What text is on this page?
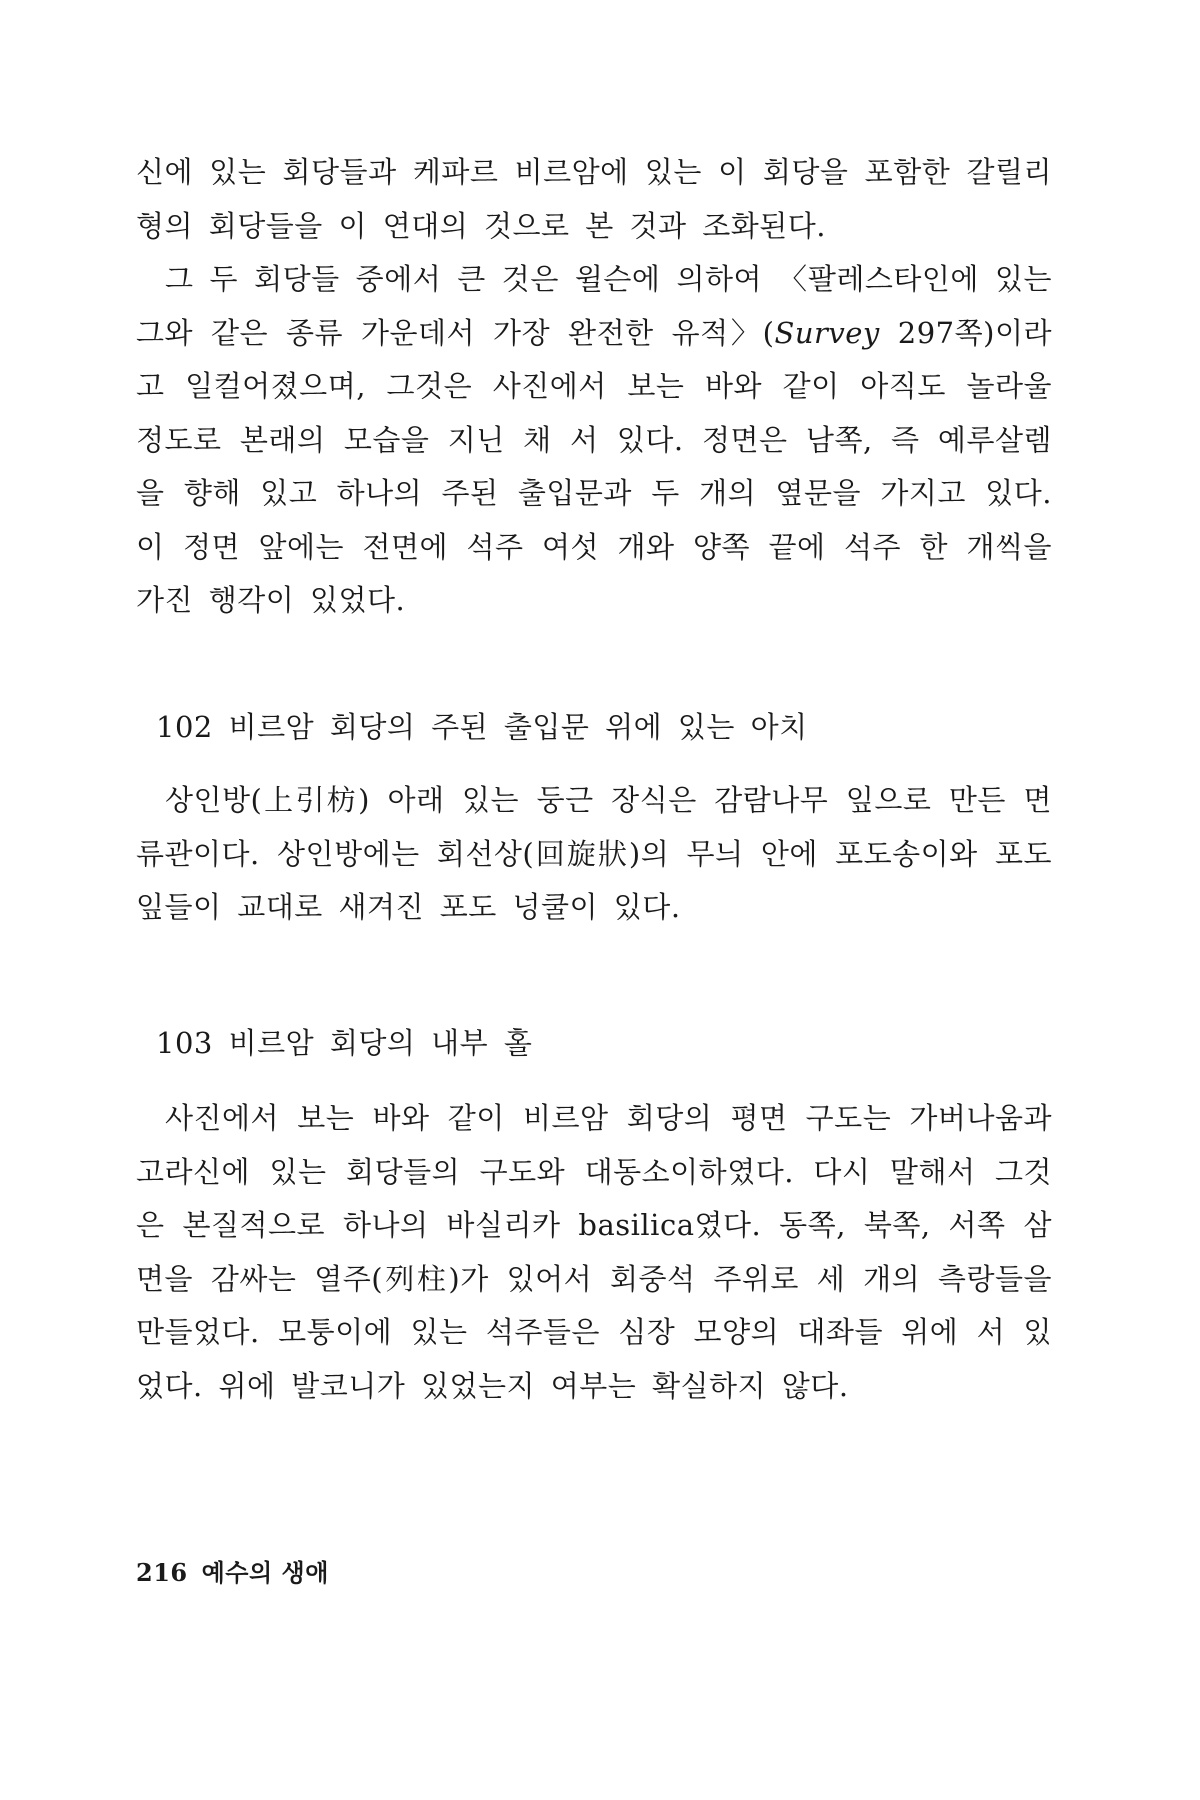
신에 있는 회당들과 케파르 비르암에 있는 이 회당을 포함한 갈릴리 형의 회당들을 이 연대의 것으로 본 것과 조화된다.

그 두 회당들 중에서 큰 것은 윌슨에 의하여 〈팔레스타인에 있는 그와 같은 종류 가운데서 가장 완전한 유적〉(Survey 297쪽)이라고 일컬어졌으며, 그것은 사진에서 보는 바와 같이 아직도 놀라울 정도로 본래의 모습을 지닌 채 서 있다. 정면은 남쪽, 즉 예루살렘을 향해 있고 하나의 주된 출입문과 두 개의 옆문을 가지고 있다. 이 정면 앞에는 전면에 석주 여섯 개와 양쪽 끝에 석주 한 개씩을 가진 행각이 있었다.

102 비르암 회당의 주된 출입문 위에 있는 아치

상인방(上引枋) 아래 있는 둥근 장식은 감람나무 잎으로 만든 면류관이다. 상인방에는 회선상(回旋狀)의 무늬 안에 포도송이와 포도잎들이 교대로 새겨진 포도 넝쿨이 있다.

103 비르암 회당의 내부 홀

사진에서 보는 바와 같이 비르암 회당의 평면 구도는 가버나움과 고라신에 있는 회당들의 구도와 대동소이하였다. 다시 말해서 그것은 본질적으로 하나의 바실리카 basilica였다. 동쪽, 북쪽, 서쪽 삼면을 감싸는 열주(列柱)가 있어서 회중석 주위로 세 개의 측랑들을 만들었다. 모퉁이에 있는 석주들은 심장 모양의 대좌들 위에 서 있었다. 위에 발코니가 있었는지 여부는 확실하지 않다.

216 예수의 생애
